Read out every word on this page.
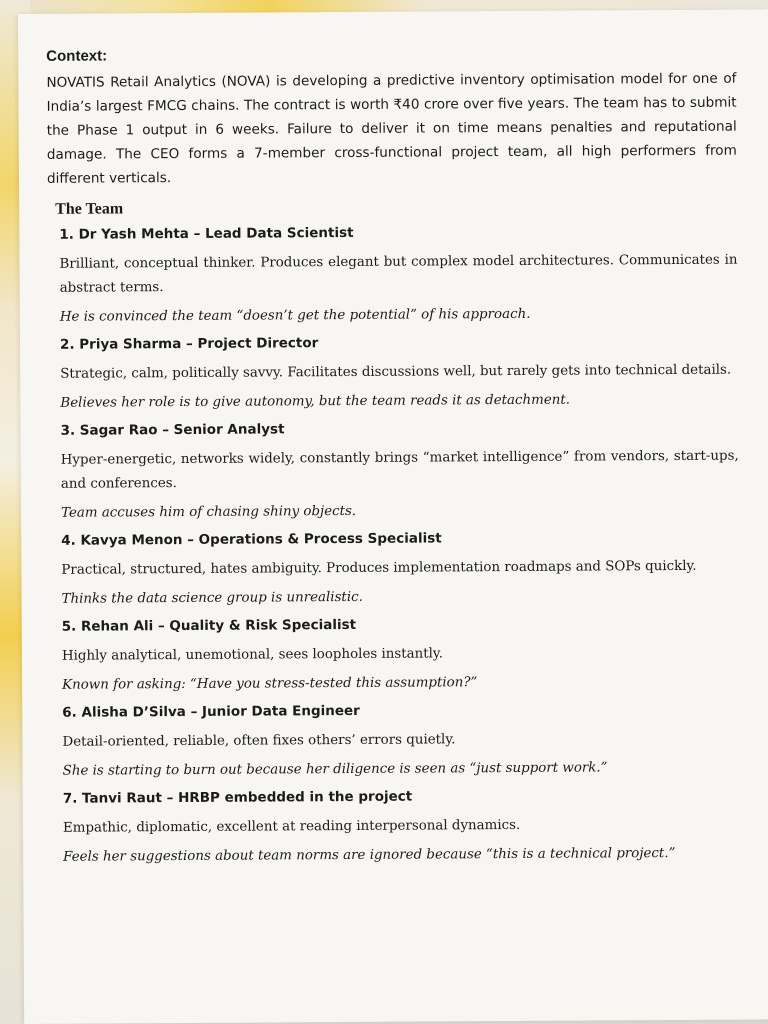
Context:

NOVATIS Retail Analytics (NOVA) is developing a predictive inventory optimisation model for one of India’s largest FMCG chains. The contract is worth ₹40 crore over five years. The team has to submit the Phase 1 output in 6 weeks. Failure to deliver it on time means penalties and reputational damage. The CEO forms a 7-member cross-functional project team, all high performers from different verticals.

The Team
1. Dr Yash Mehta – Lead Data Scientist
Brilliant, conceptual thinker. Produces elegant but complex model architectures. Communicates in abstract terms.
He is convinced the team “doesn’t get the potential” of his approach.
2. Priya Sharma – Project Director
Strategic, calm, politically savvy. Facilitates discussions well, but rarely gets into technical details.
Believes her role is to give autonomy, but the team reads it as detachment.
3. Sagar Rao – Senior Analyst
Hyper-energetic, networks widely, constantly brings “market intelligence” from vendors, start-ups, and conferences.
Team accuses him of chasing shiny objects.
4. Kavya Menon – Operations & Process Specialist
Practical, structured, hates ambiguity. Produces implementation roadmaps and SOPs quickly.
Thinks the data science group is unrealistic.
5. Rehan Ali – Quality & Risk Specialist
Highly analytical, unemotional, sees loopholes instantly.
Known for asking: “Have you stress-tested this assumption?”
6. Alisha D’Silva – Junior Data Engineer
Detail-oriented, reliable, often fixes others’ errors quietly.
She is starting to burn out because her diligence is seen as “just support work.”
7. Tanvi Raut – HRBP embedded in the project
Empathic, diplomatic, excellent at reading interpersonal dynamics.
Feels her suggestions about team norms are ignored because “this is a technical project.”
